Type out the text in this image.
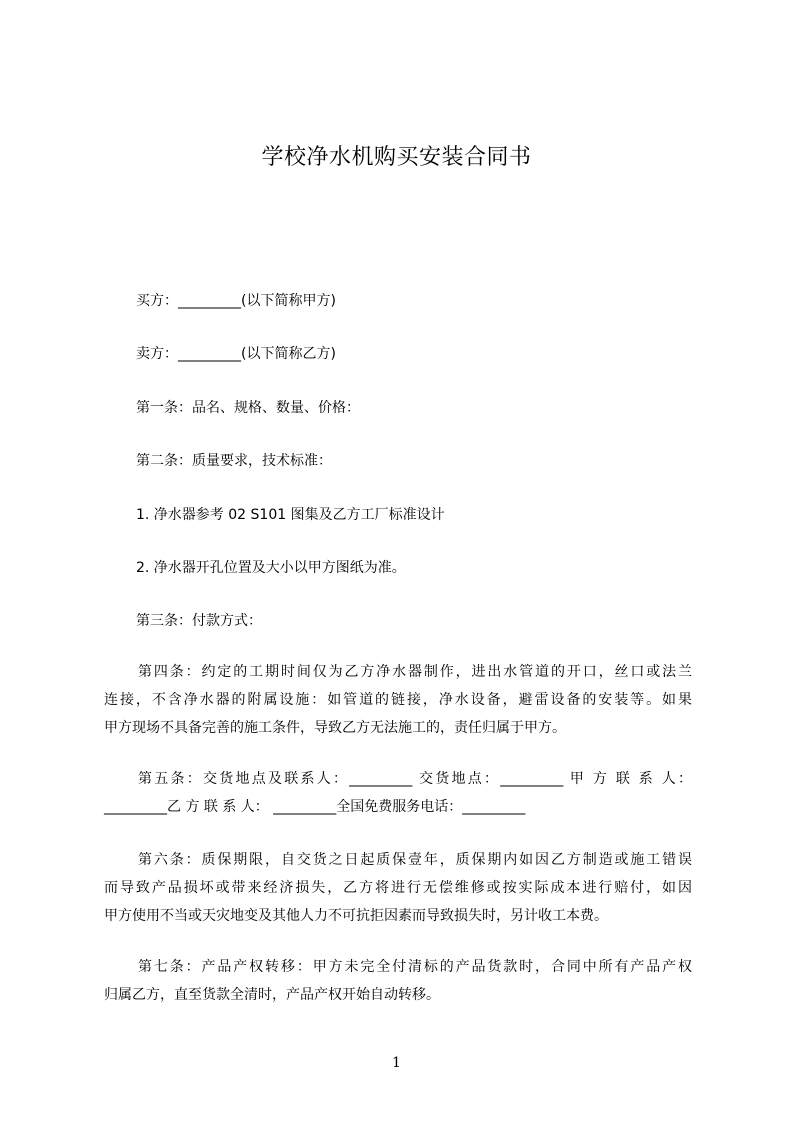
学校净水机购买安装合同书
买方：_________(以下简称甲方)
卖方：_________(以下简称乙方)
第一条：品名、规格、数量、价格：
第二条：质量要求，技术标准：
1. 净水器参考 02 S101 图集及乙方工厂标准设计
2. 净水器开孔位置及大小以甲方图纸为准。
第三条：付款方式：
第四条：约定的工期时间仅为乙方净水器制作，进出水管道的开口，丝口或法兰
连接，不含净水器的附属设施：如管道的链接，净水设备，避雷设备的安装等。如果
甲方现场不具备完善的施工条件，导致乙方无法施工的，责任归属于甲方。
第五条：交货地点及联系人：_________ 交货地点：_________ 甲 方 联 系 人：
_________乙 方 联 系 人： _________全国免费服务电话：_________
第六条：质保期限，自交货之日起质保壹年，质保期内如因乙方制造或施工错误
而导致产品损坏或带来经济损失，乙方将进行无偿维修或按实际成本进行赔付，如因
甲方使用不当或天灾地变及其他人力不可抗拒因素而导致损失时，另计收工本费。
第七条：产品产权转移：甲方未完全付清标的产品货款时，合同中所有产品产权
归属乙方，直至货款全清时，产品产权开始自动转移。
1
